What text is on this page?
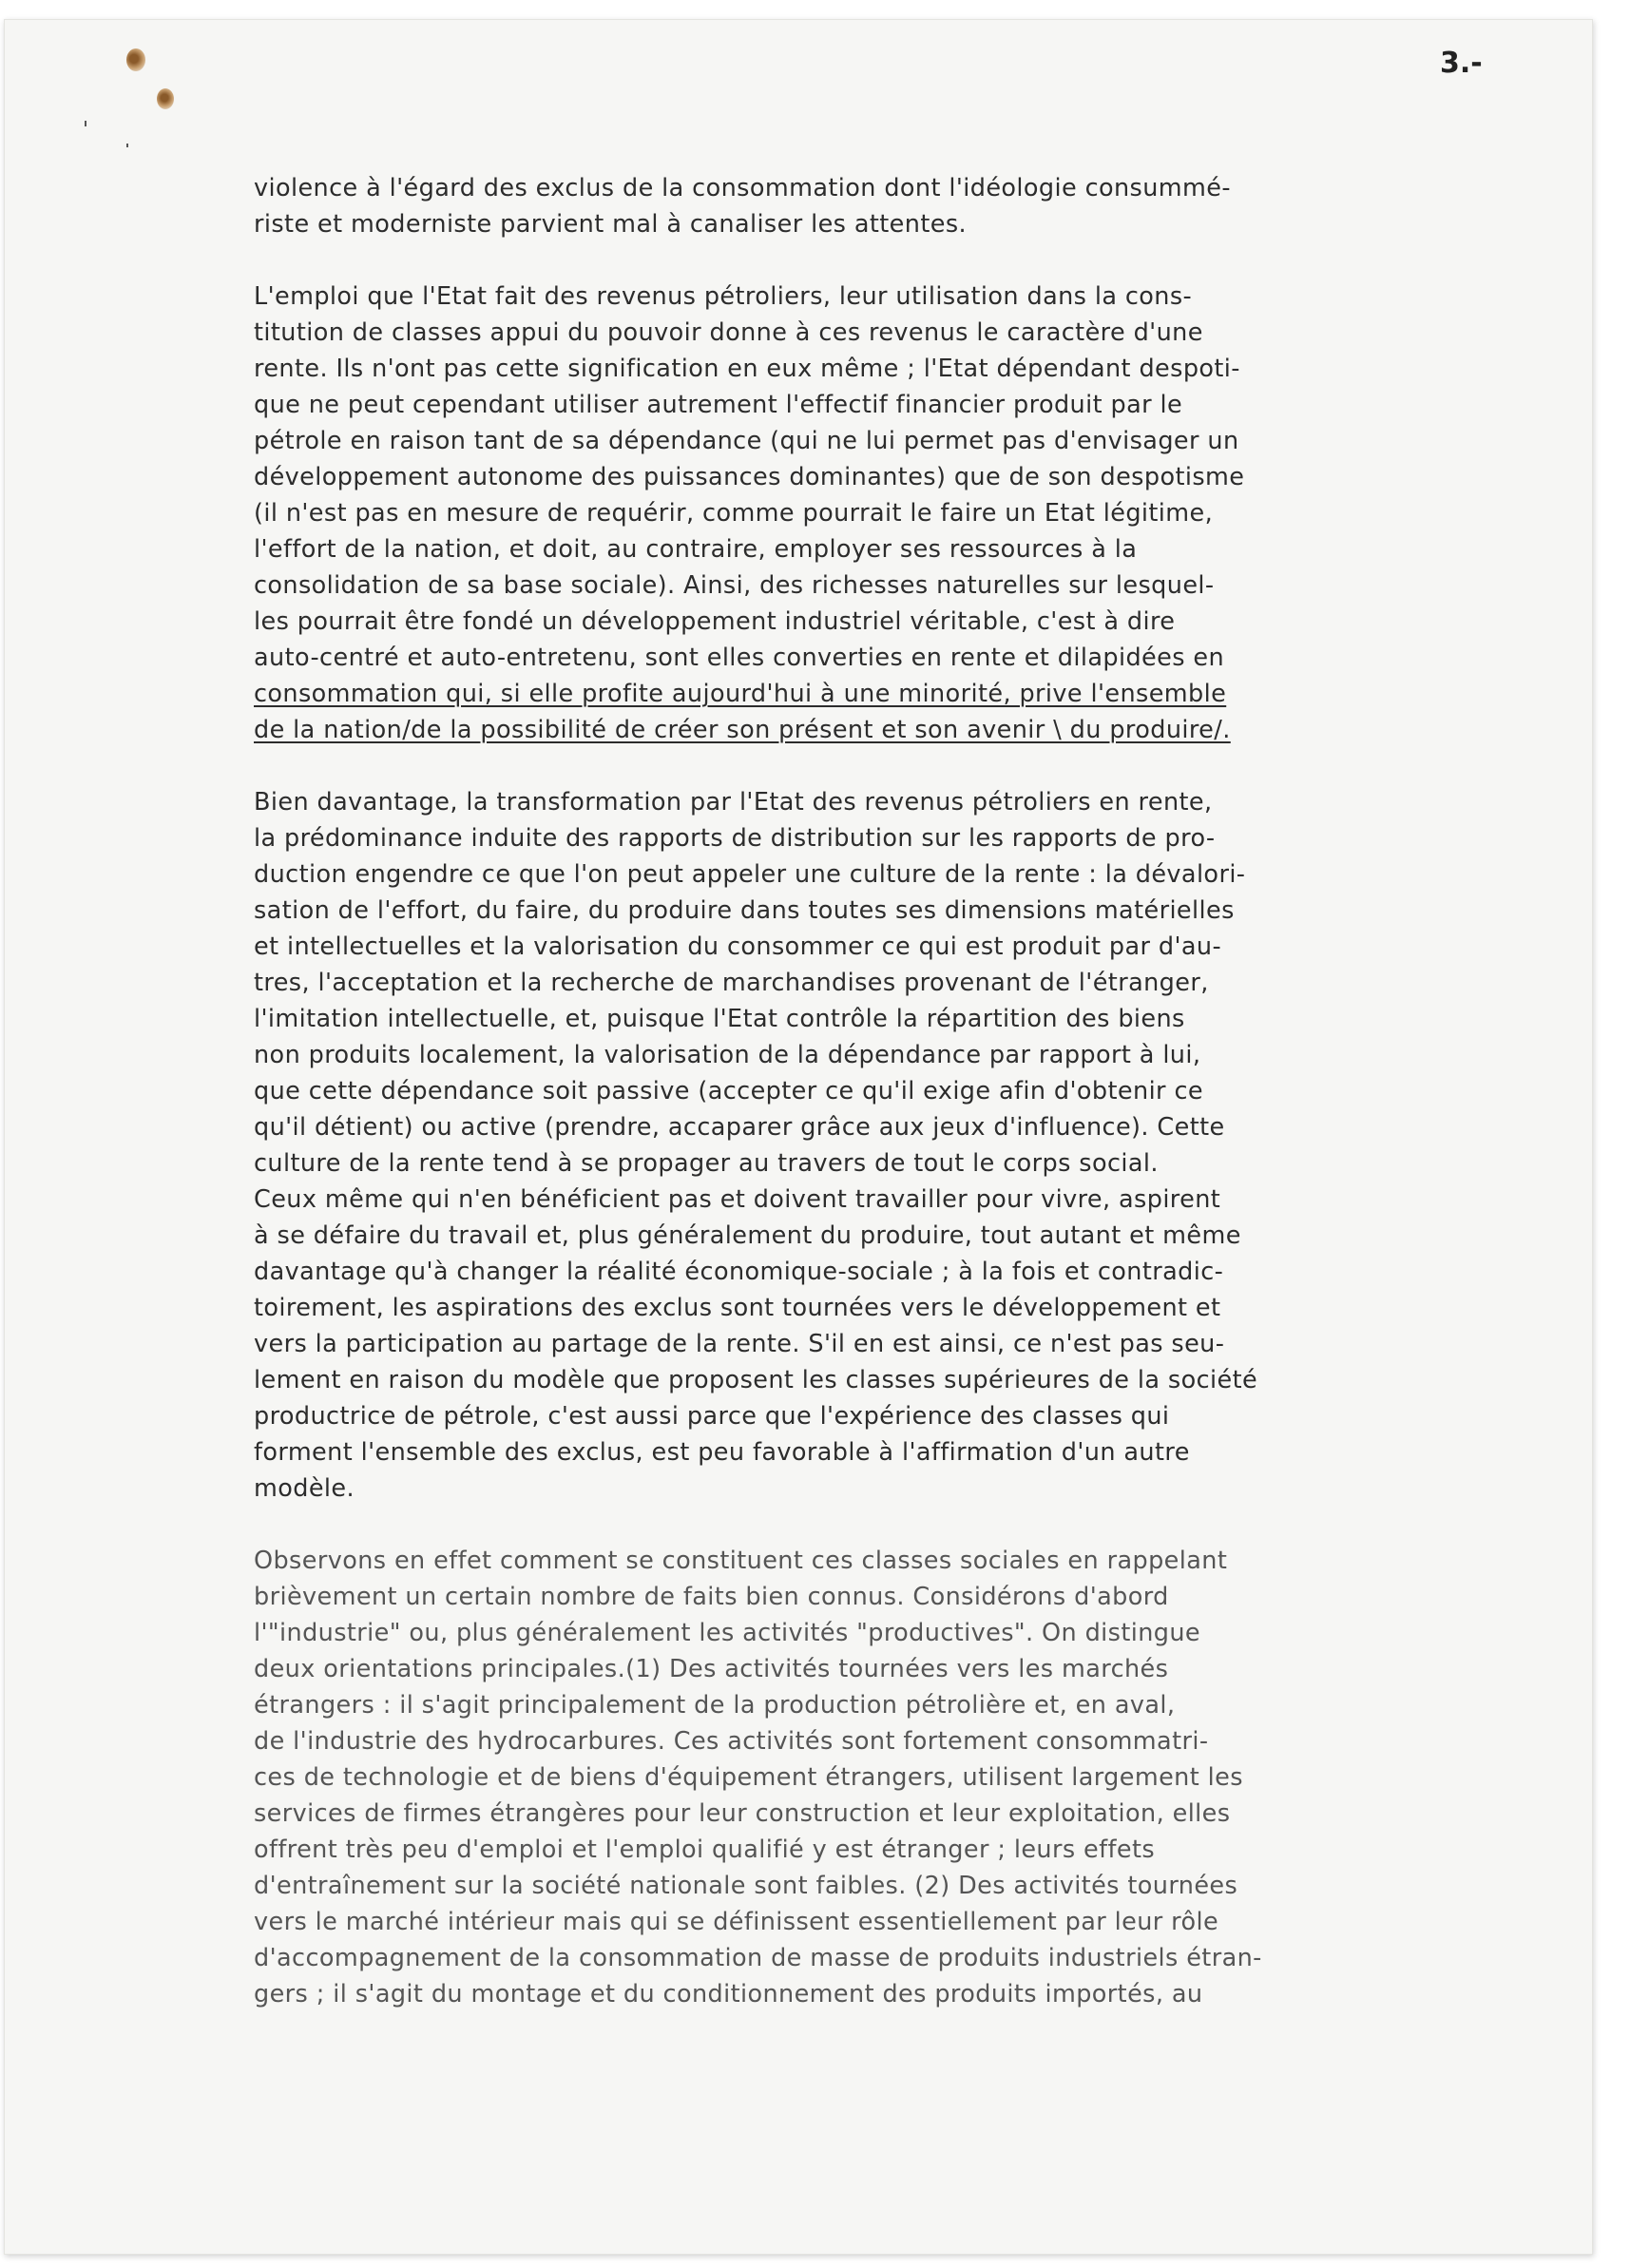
3.-

violence à l'égard des exclus de la consommation dont l'idéologie consummé-
riste et moderniste parvient mal à canaliser les attentes.

L'emploi que l'Etat fait des revenus pétroliers, leur utilisation dans la cons-
titution de classes appui du pouvoir donne à ces revenus le caractère d'une
rente. Ils n'ont pas cette signification en eux même ; l'Etat dépendant despoti-
que ne peut cependant utiliser autrement l'effectif financier produit par le
pétrole en raison tant de sa dépendance (qui ne lui permet pas d'envisager un
développement autonome des puissances dominantes) que de son despotisme
(il n'est pas en mesure de requérir, comme pourrait le faire un Etat légitime,
l'effort de la nation, et doit, au contraire, employer ses ressources à la
consolidation de sa base sociale). Ainsi, des richesses naturelles sur lesquel-
les pourrait être fondé un développement industriel véritable, c'est à dire
auto-centré et auto-entretenu, sont elles converties en rente et dilapidées en
consommation qui, si elle profite aujourd'hui à une minorité, prive l'ensemble
de la nation/de la possibilité de créer son présent et son avenir \ du produire/.

Bien davantage, la transformation par l'Etat des revenus pétroliers en rente,
la prédominance induite des rapports de distribution sur les rapports de pro-
duction engendre ce que l'on peut appeler une culture de la rente : la dévalori-
sation de l'effort, du faire, du produire dans toutes ses dimensions matérielles
et intellectuelles et la valorisation du consommer ce qui est produit par d'au-
tres, l'acceptation et la recherche de marchandises provenant de l'étranger,
l'imitation intellectuelle, et, puisque l'Etat contrôle la répartition des biens
non produits localement, la valorisation de la dépendance par rapport à lui,
que cette dépendance soit passive (accepter ce qu'il exige afin d'obtenir ce
qu'il détient) ou active (prendre, accaparer grâce aux jeux d'influence). Cette
culture de la rente tend à se propager au travers de tout le corps social.
Ceux même qui n'en bénéficient pas et doivent travailler pour vivre, aspirent
à se défaire du travail et, plus généralement du produire, tout autant et même
davantage qu'à changer la réalité économique-sociale ; à la fois et contradic-
toirement, les aspirations des exclus sont tournées vers le développement et
vers la participation au partage de la rente. S'il en est ainsi, ce n'est pas seu-
lement en raison du modèle que proposent les classes supérieures de la société
productrice de pétrole, c'est aussi parce que l'expérience des classes qui
forment l'ensemble des exclus, est peu favorable à l'affirmation d'un autre
modèle.

Observons en effet comment se constituent ces classes sociales en rappelant
brièvement un certain nombre de faits bien connus. Considérons d'abord
l'"industrie" ou, plus généralement les activités "productives". On distingue
deux orientations principales.(1) Des activités tournées vers les marchés
étrangers : il s'agit principalement de la production pétrolière et, en aval,
de l'industrie des hydrocarbures. Ces activités sont fortement consommatri-
ces de technologie et de biens d'équipement étrangers, utilisent largement les
services de firmes étrangères pour leur construction et leur exploitation, elles
offrent très peu d'emploi et l'emploi qualifié y est étranger ; leurs effets
d'entraînement sur la société nationale sont faibles. (2) Des activités tournées
vers le marché intérieur mais qui se définissent essentiellement par leur rôle
d'accompagnement de la consommation de masse de produits industriels étran-
gers ; il s'agit du montage et du conditionnement des produits importés, au
